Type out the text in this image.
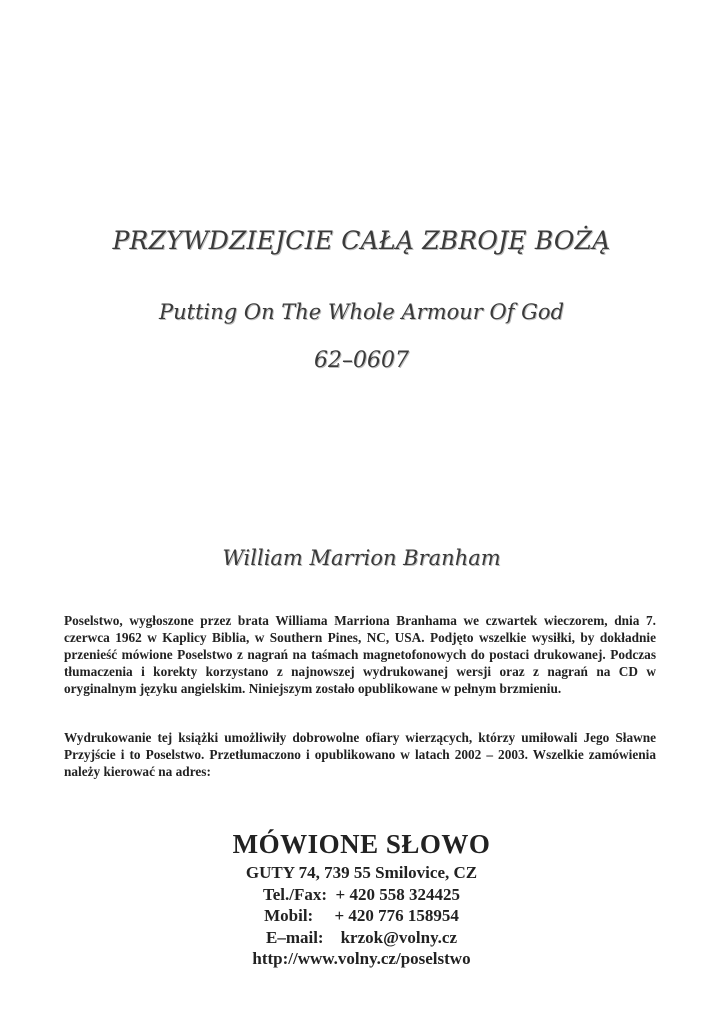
PRZYWDZIEJCIE CAŁĄ ZBROJĘ BOŻĄ
Putting On The Whole Armour Of God
62–0607
William Marrion Branham

Poselstwo, wygłoszone przez brata Williama Marriona Branhama we czwartek wieczorem, dnia 7. czerwca 1962 w Kaplicy Biblia, w Southern Pines, NC, USA. Podjęto wszelkie wysiłki, by dokładnie przenieść mówione Poselstwo z nagrań na taśmach magnetofonowych do postaci drukowanej. Podczas tłumaczenia i korekty korzystano z najnowszej wydrukowanej wersji oraz z nagrań na CD w oryginalnym języku angielskim. Niniejszym zostało opublikowane w pełnym brzmieniu.

Wydrukowanie tej książki umożliwiły dobrowolne ofiary wierzących, którzy umiłowali Jego Sławne Przyjście i to Poselstwo. Przetłumaczono i opublikowano w latach 2002 – 2003. Wszelkie zamówienia należy kierować na adres:

MÓWIONE SŁOWO
GUTY 74, 739 55 Smilovice, CZ
Tel./Fax:  + 420 558 324425
Mobil:     + 420 776 158954
E–mail:    krzok@volny.cz
http://www.volny.cz/poselstwo
